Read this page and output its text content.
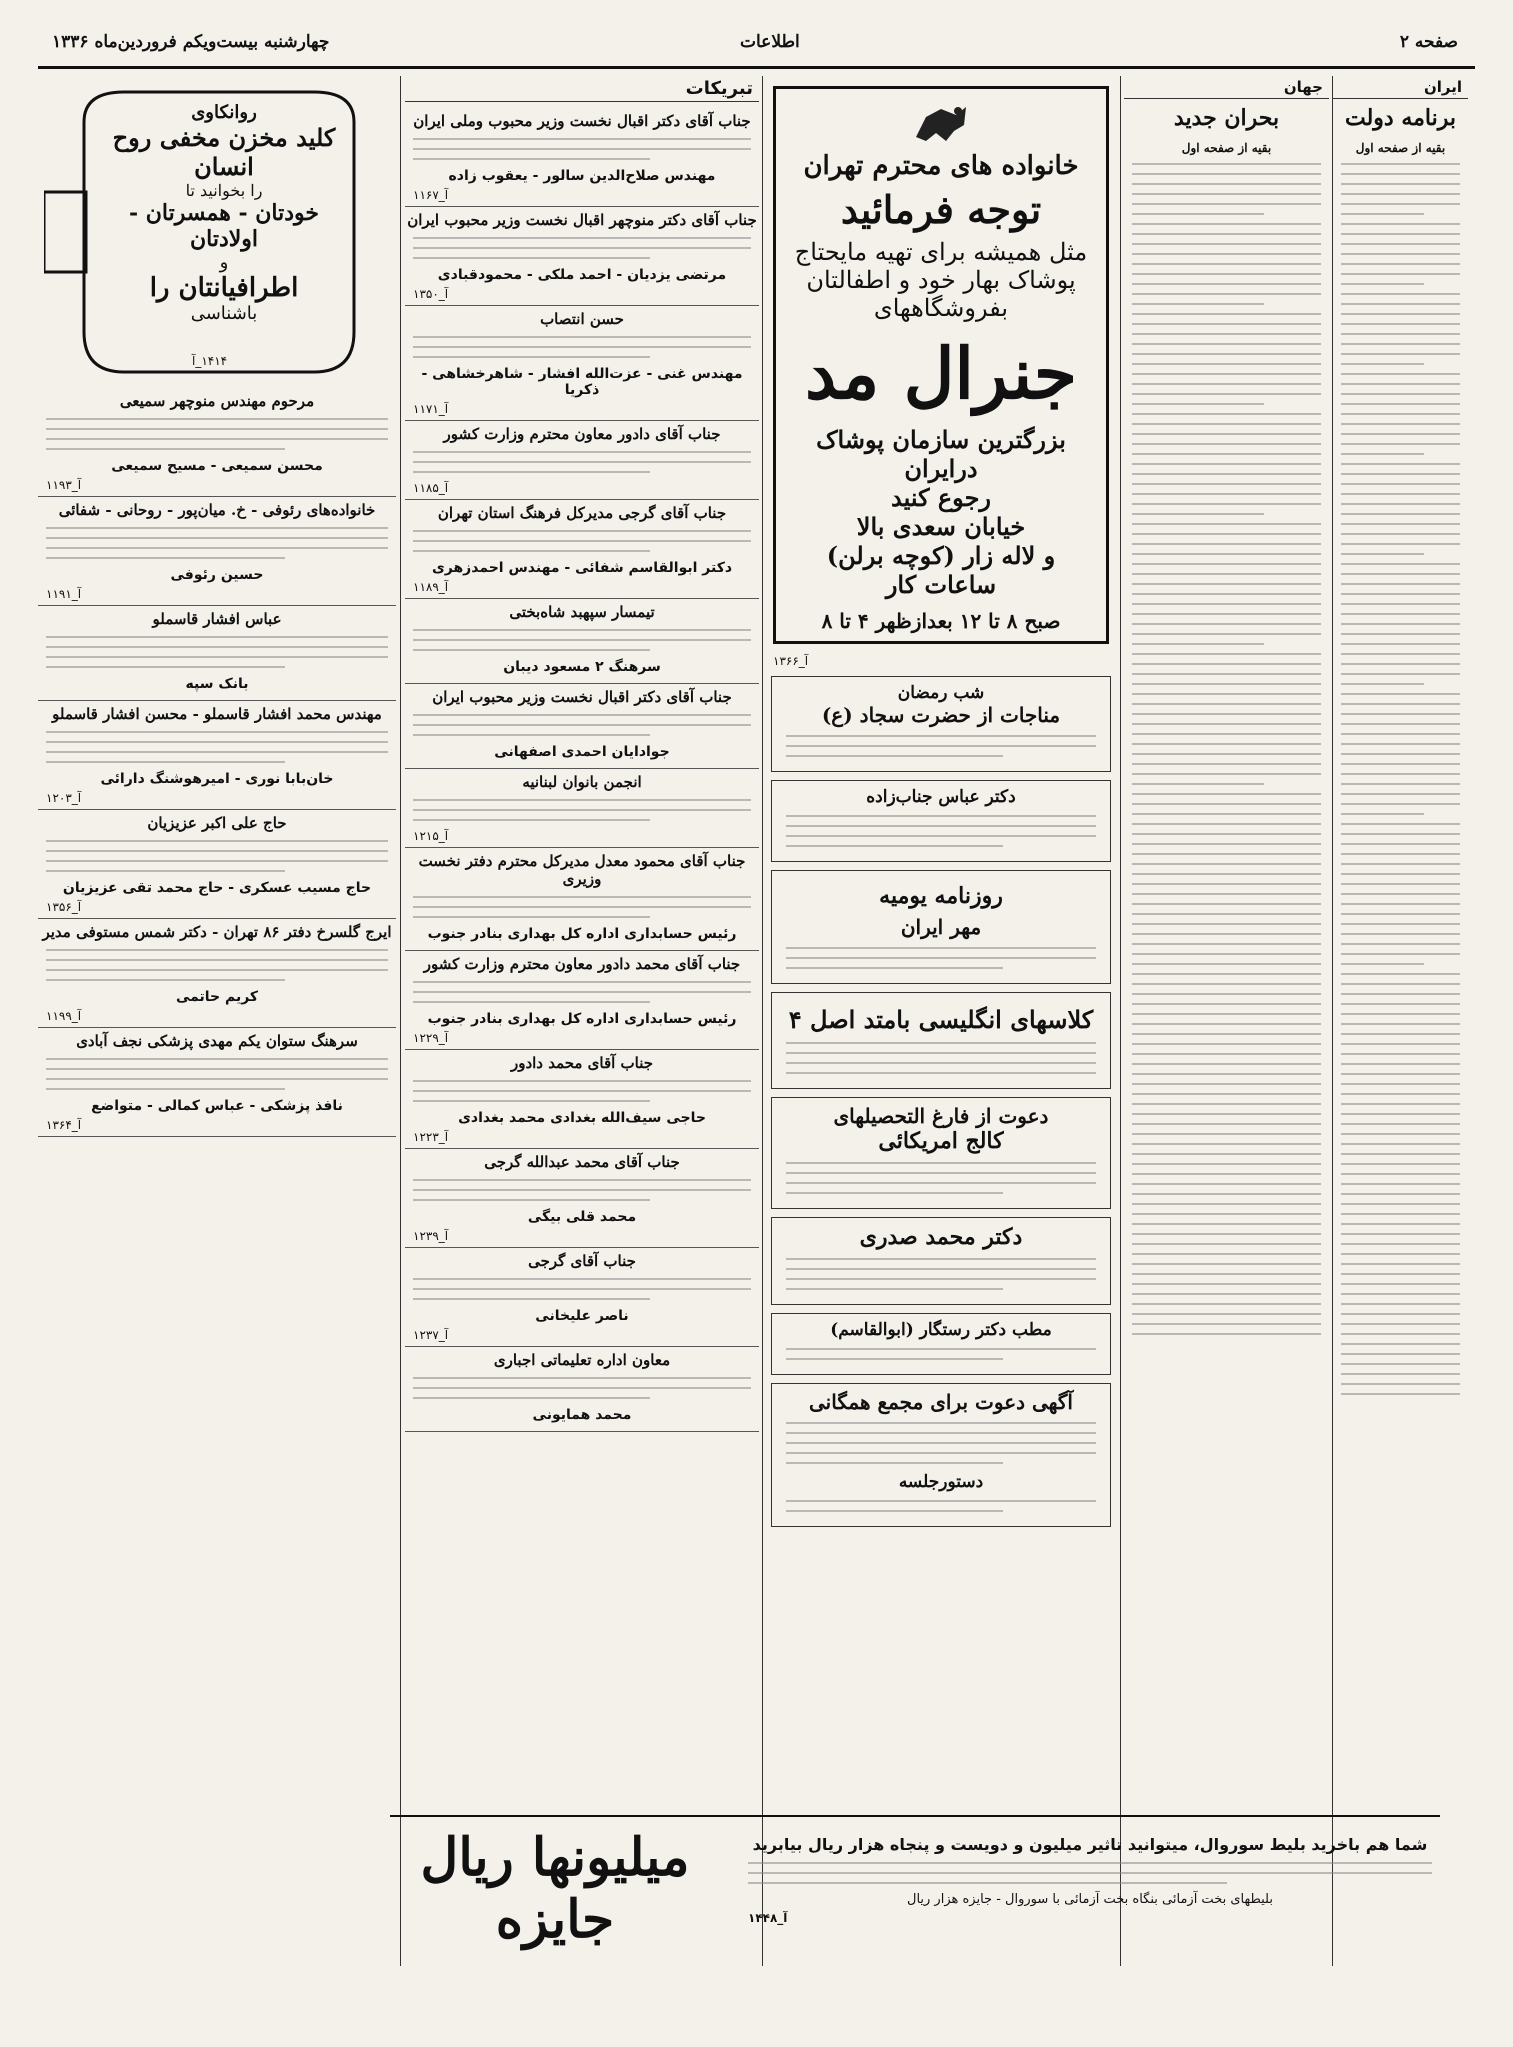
چهارشنبه بیست‌ویکم فروردین‌ماه ۱۳۳۶	اطلاعات	صفحه ۲
ایران
برنامه دولت
بقیه از صفحه اول
جهان
بحران جدید
بقیه از صفحه اول
خانواده های محترم تهران
توجه فرمائید
مثل همیشه برای تهیه مایحتاج
پوشاک بهار خود و اطفالتان
بفروشگاههای
جنرال مد
بزرگترین سازمان پوشاک درایران
رجوع کنید
خیابان سعدی بالا
و لاله زار (کوچه برلن)
ساعات کار
صبح ۸ تا ۱۲ بعدازظهر ۴ تا ۸
آ_۱۳۶۶
شب رمضان
مناجات از حضرت سجاد (ع)
دکتر عباس جناب‌زاده
روزنامه یومیه
مهر ایران
کلاسهای انگلیسی بامتد اصل ۴
دعوت از فارغ التحصیلهای
کالج امریکائی
دکتر محمد صدری
مطب دکتر رستگار (ابوالقاسم)
آگهی دعوت برای مجمع همگانی
دستورجلسه
تبریکات
جناب آقای دکتر اقبال نخست وزیر محبوب وملی ایران
مهندس صلاح‌الدین سالور - یعقوب زاده
آ_۱۱۶۷
جناب آقای دکتر منوچهر اقبال نخست وزیر محبوب ایران
مرتضی یزدیان - احمد ملکی - محمودقبادی
آ_۱۳۵۰
حسن انتصاب
مهندس غنی - عزت‌الله افشار - شاهرخشاهی - ذکریا
آ_۱۱۷۱
جناب آقای دادور معاون محترم وزارت کشور
آ_۱۱۸۵
جناب آقای گرجی مدیرکل فرهنگ استان تهران
دکتر ابوالقاسم شفائی - مهندس احمدزهری
آ_۱۱۸۹
تیمسار سپهبد شاه‌بختی
سرهنگ ۲ مسعود دیبان
جناب آقای دکتر اقبال نخست وزیر محبوب ایران
جوادایان احمدی اصفهانی
انجمن بانوان لبنانیه
آ_۱۲۱۵
جناب آقای محمود معدل مدیرکل محترم دفتر نخست وزیری
رئیس حسابداری اداره کل بهداری بنادر جنوب
جناب آقای محمد دادور معاون محترم وزارت کشور
رئیس حسابداری اداره کل بهداری بنادر جنوب
آ_۱۲۲۹
جناب آقای محمد دادور
حاجی سیف‌الله بغدادی محمد بغدادی
آ_۱۲۲۳
جناب آقای محمد عبدالله گرجی
محمد قلی بیگی
آ_۱۲۳۹
جناب آقای گرجی
ناصر علیخانی
آ_۱۲۳۷
معاون اداره تعلیماتی اجباری
محمد همایونی
روانکاوی
کلید مخزن مخفی روح انسان
را بخوانید تا
خودتان - همسرتان - اولادتان
و
اطرافیانتان را
باشناسی
۱۴۱۴_آ
مرحوم مهندس منوچهر سمیعی
محسن سمیعی - مسیح سمیعی
آ_۱۱۹۳
خانواده‌های رئوفی - خ. میان‌پور - روحانی - شفائی
حسین رئوفی
آ_۱۱۹۱
عباس افشار قاسملو
بانک سپه
مهندس محمد افشار قاسملو - محسن افشار قاسملو
خان‌بابا نوری - امیرهوشنگ دارائی
آ_۱۲۰۳
حاج علی اکبر عزیزیان
حاج مسیب عسکری - حاج محمد تقی عزیزیان
آ_۱۳۵۶
ایرج گلسرخ دفتر ۸۶ تهران - دکتر شمس مستوفی مدیر
کریم حاتمی
آ_۱۱۹۹
سرهنگ ستوان یکم مهدی پزشکی نجف آبادی
نافذ پزشکی - عباس کمالی - متواضع
آ_۱۳۶۴
میلیونها ریال جایزه
شما هم باخرید بلیط سوروال، میتوانید تاثیر میلیون و دویست و پنجاه هزار ریال بیابرید
بلیطهای بخت آزمائی بنگاه بخت آزمائی با سوروال - جایزه هزار ریال
آ_۱۴۴۸
